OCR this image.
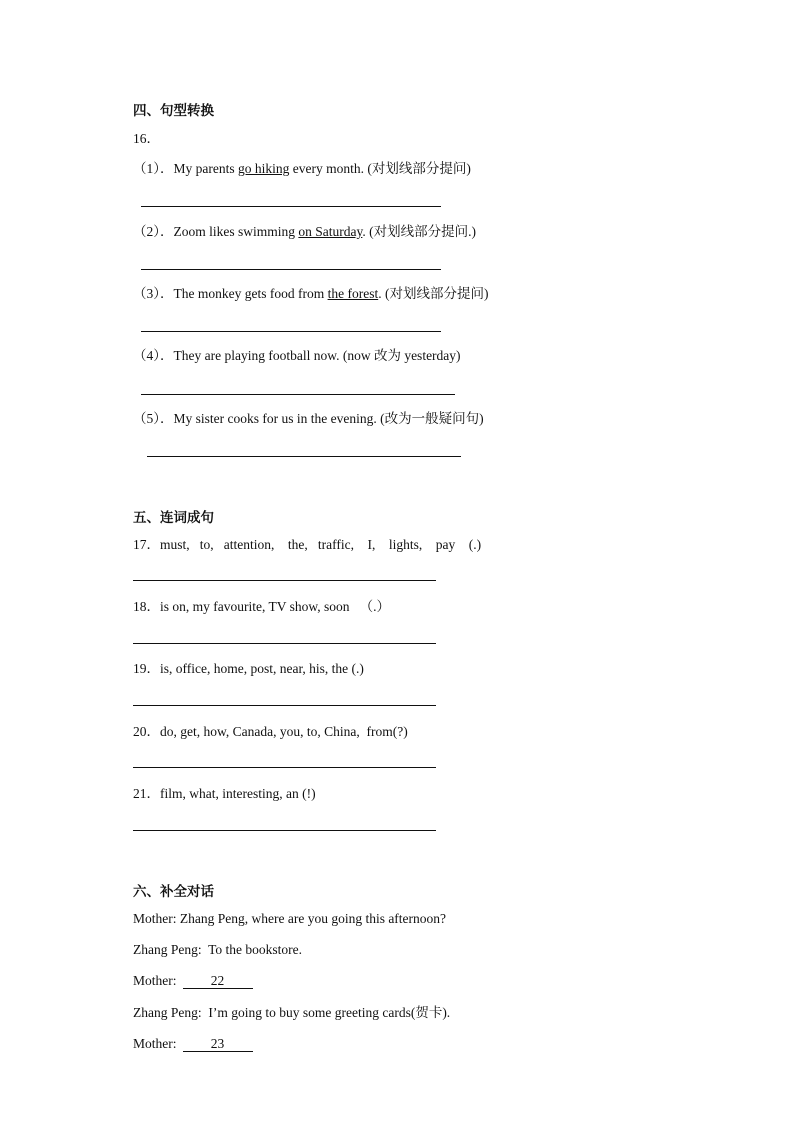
四、句型转换
16．
（1）．My parents go hiking every month. (对划线部分提问)
（2）．Zoom likes swimming on Saturday. (对划线部分提问.)
（3）．The monkey gets food from the forest. (对划线部分提问)
（4）．They are playing football now. (now 改为 yesterday)
（5）．My sister cooks for us in the evening. (改为一般疑问句)
五、连词成句
17．must,   to,   attention,    the,   traffic,    I,    lights,    pay    (.)
18．is on, my favourite, TV show, soon   （.）
19．is, office, home, post, near, his, the (.)
20．do, get, how, Canada, you, to, China,  from(?)
21．film, what, interesting, an (!)
六、补全对话
Mother: Zhang Peng, where are you going this afternoon?
Zhang Peng:  To the bookstore.
Mother:	22
Zhang Peng:  I’m going to buy some greeting cards(贺卡).
Mother:	23
